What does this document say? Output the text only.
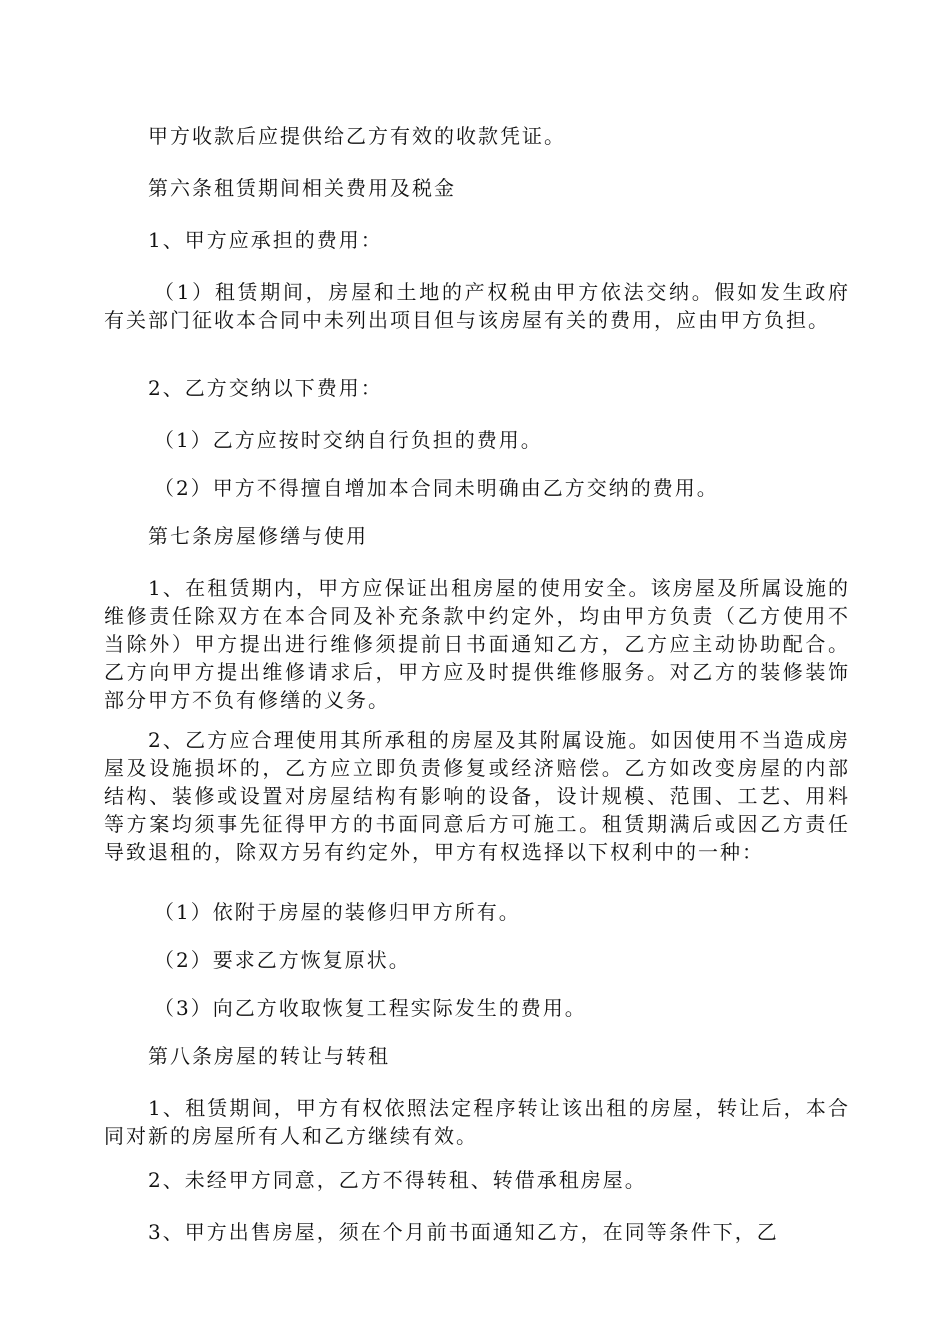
甲方收款后应提供给乙方有效的收款凭证。

第六条租赁期间相关费用及税金

1、甲方应承担的费用：

（1）租赁期间，房屋和土地的产权税由甲方依法交纳。假如发生政府有关部门征收本合同中未列出项目但与该房屋有关的费用，应由甲方负担。

2、乙方交纳以下费用：

（1）乙方应按时交纳自行负担的费用。

（2）甲方不得擅自增加本合同未明确由乙方交纳的费用。

第七条房屋修缮与使用

1、在租赁期内，甲方应保证出租房屋的使用安全。该房屋及所属设施的维修责任除双方在本合同及补充条款中约定外，均由甲方负责（乙方使用不当除外）甲方提出进行维修须提前日书面通知乙方，乙方应主动协助配合。乙方向甲方提出维修请求后，甲方应及时提供维修服务。对乙方的装修装饰部分甲方不负有修缮的义务。

2、乙方应合理使用其所承租的房屋及其附属设施。如因使用不当造成房屋及设施损坏的，乙方应立即负责修复或经济赔偿。乙方如改变房屋的内部结构、装修或设置对房屋结构有影响的设备，设计规模、范围、工艺、用料等方案均须事先征得甲方的书面同意后方可施工。租赁期满后或因乙方责任导致退租的，除双方另有约定外，甲方有权选择以下权利中的一种：

（1）依附于房屋的装修归甲方所有。

（2）要求乙方恢复原状。

（3）向乙方收取恢复工程实际发生的费用。

第八条房屋的转让与转租

1、租赁期间，甲方有权依照法定程序转让该出租的房屋，转让后，本合同对新的房屋所有人和乙方继续有效。

2、未经甲方同意，乙方不得转租、转借承租房屋。

3、甲方出售房屋，须在个月前书面通知乙方，在同等条件下，乙
